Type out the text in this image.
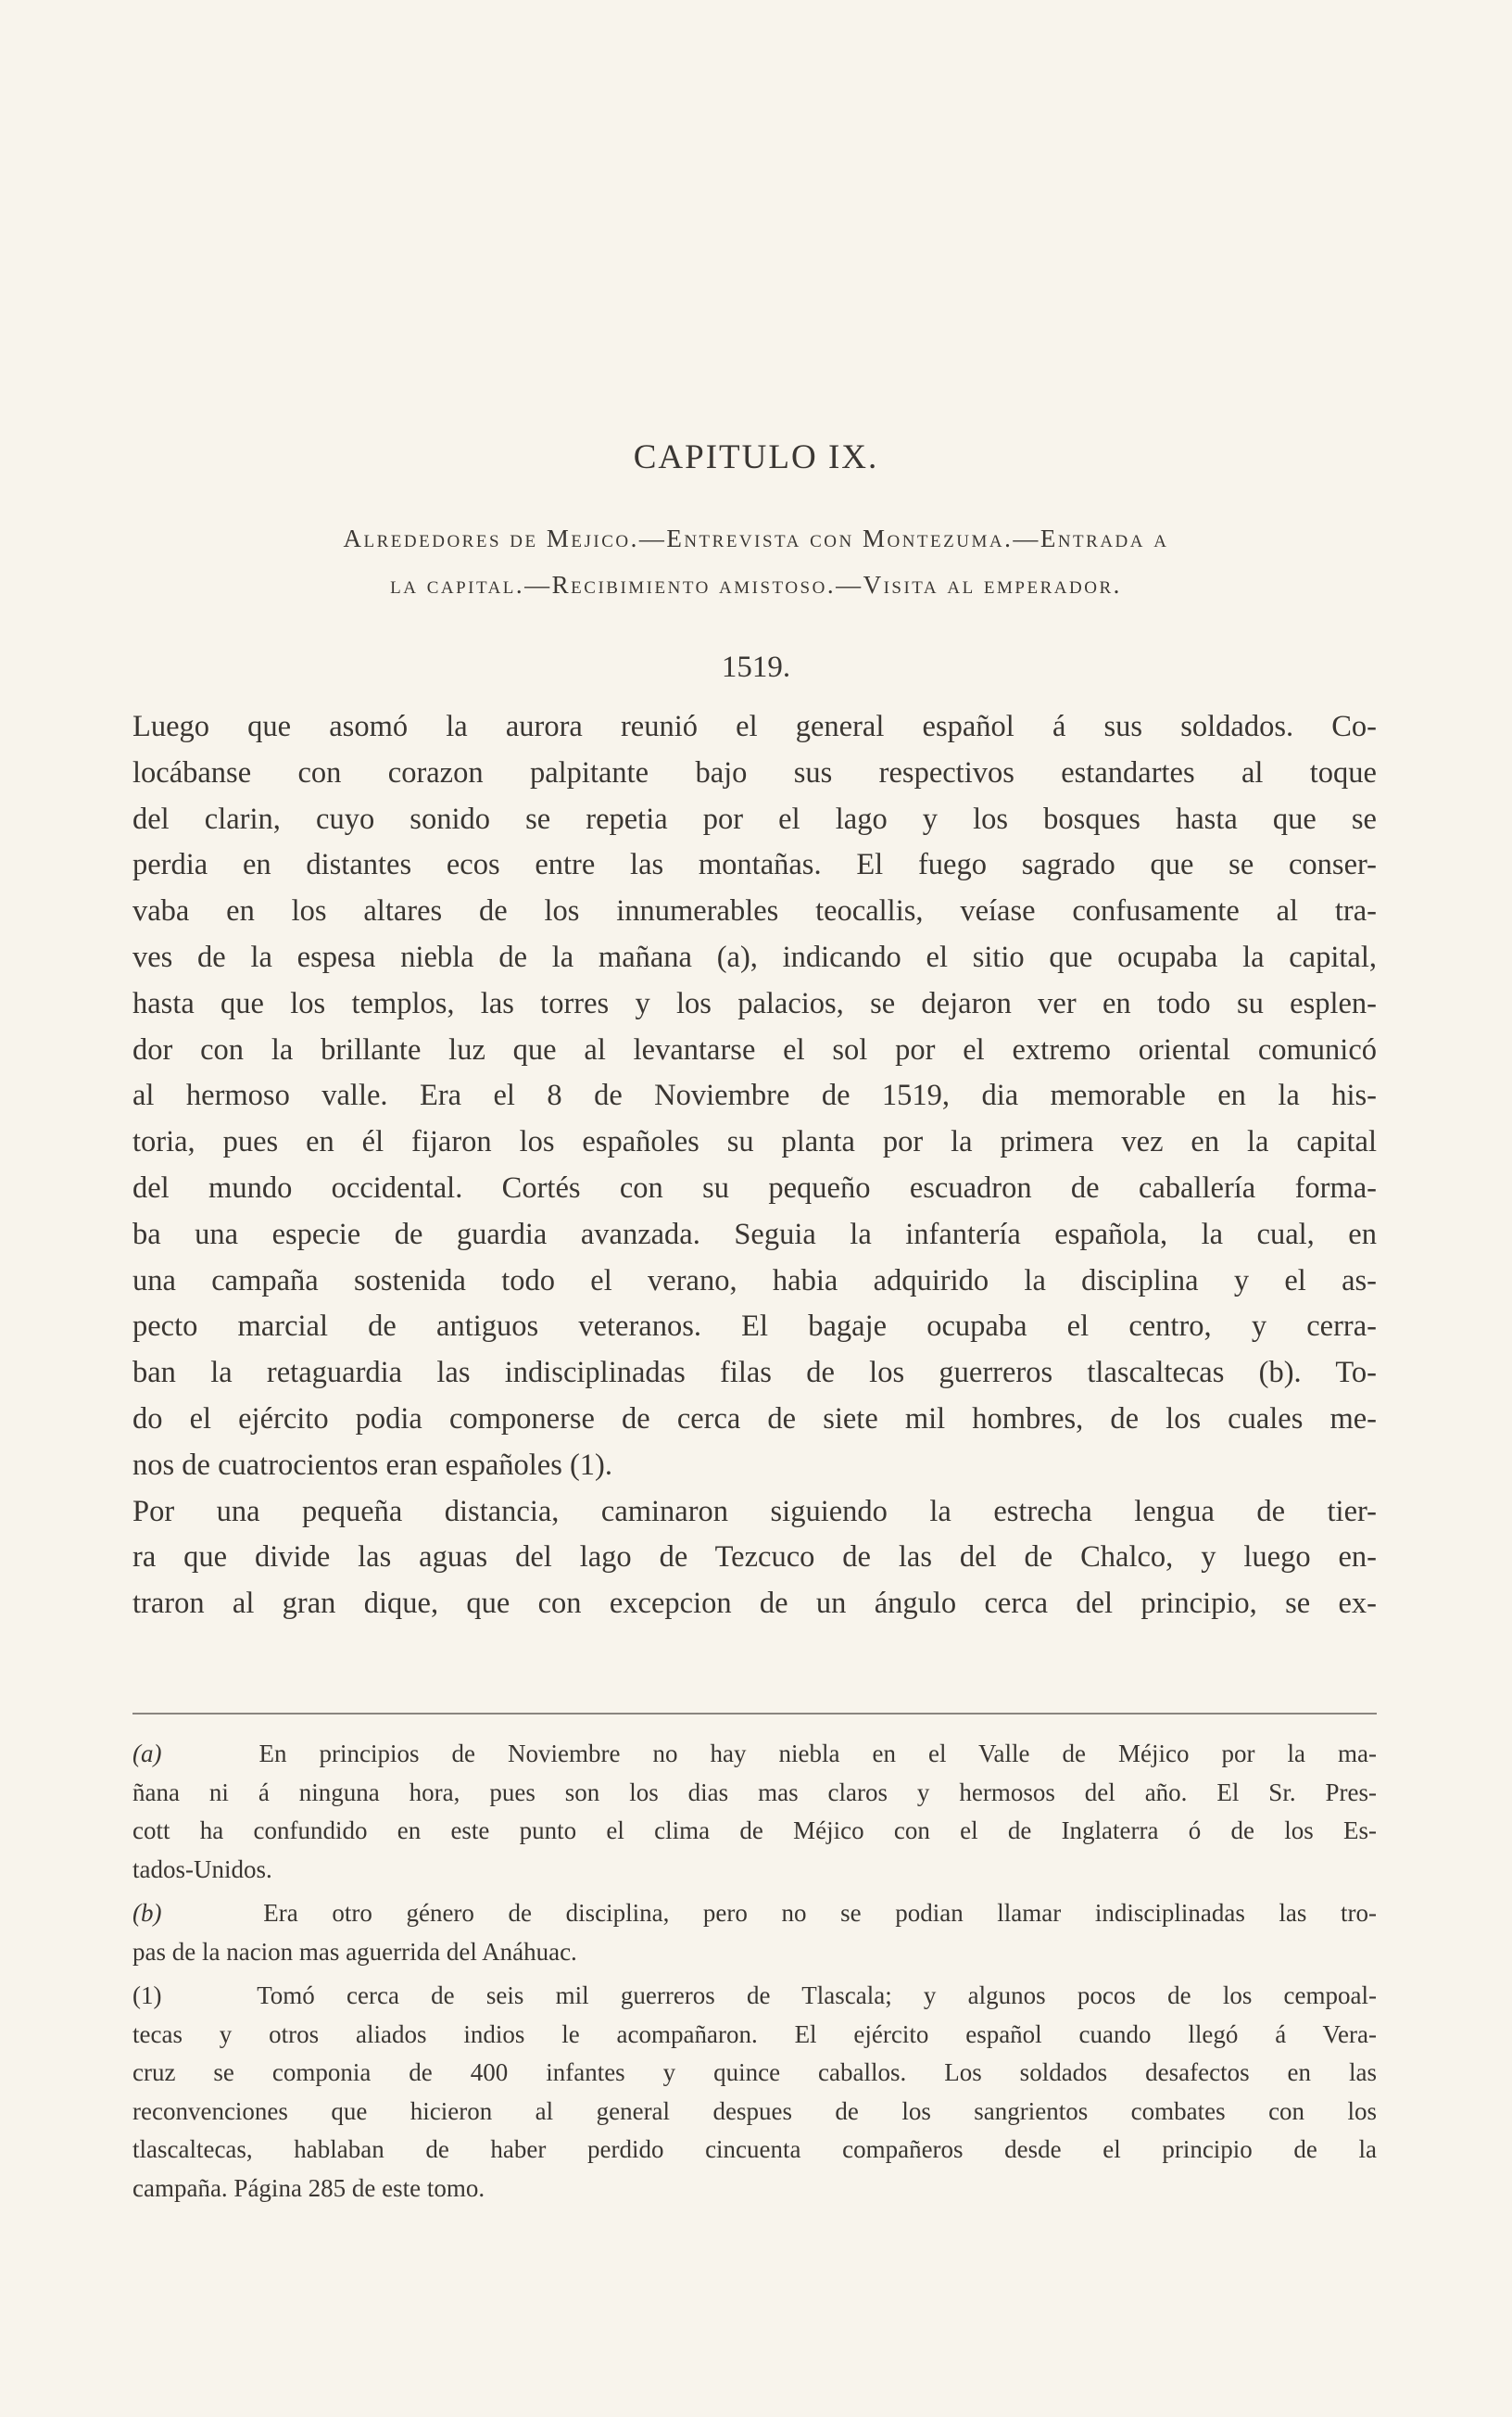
CAPITULO IX.
Alrededores de Mejico.—Entrevista con Montezuma.—Entrada a
la capital.—Recibimiento amistoso.—Visita al emperador.
1519.
Luego que asomó la aurora reunió el general español á sus soldados. Co-
locábanse con corazon palpitante bajo sus respectivos estandartes al toque
del clarin, cuyo sonido se repetia por el lago y los bosques hasta que se
perdia en distantes ecos entre las montañas. El fuego sagrado que se conser-
vaba en los altares de los innumerables teocallis, veíase confusamente al tra-
ves de la espesa niebla de la mañana (a), indicando el sitio que ocupaba la capital,
hasta que los templos, las torres y los palacios, se dejaron ver en todo su esplen-
dor con la brillante luz que al levantarse el sol por el extremo oriental comunicó
al hermoso valle. Era el 8 de Noviembre de 1519, dia memorable en la his-
toria, pues en él fijaron los españoles su planta por la primera vez en la capital
del mundo occidental. Cortés con su pequeño escuadron de caballería forma-
ba una especie de guardia avanzada. Seguia la infantería española, la cual, en
una campaña sostenida todo el verano, habia adquirido la disciplina y el as-
pecto marcial de antiguos veteranos. El bagaje ocupaba el centro, y cerra-
ban la retaguardia las indisciplinadas filas de los guerreros tlascaltecas (b). To-
do el ejército podia componerse de cerca de siete mil hombres, de los cuales me-
nos de cuatrocientos eran españoles (1).
Por una pequeña distancia, caminaron siguiendo la estrecha lengua de tier-
ra que divide las aguas del lago de Tezcuco de las del de Chalco, y luego en-
traron al gran dique, que con excepcion de un ángulo cerca del principio, se ex-
(a)	En principios de Noviembre no hay niebla en el Valle de Méjico por la ma-
ñana ni á ninguna hora, pues son los dias mas claros y hermosos del año. El Sr. Pres-
cott ha confundido en este punto el clima de Méjico con el de Inglaterra ó de los Es-
tados-Unidos.
(b)	Era otro género de disciplina, pero no se podian llamar indisciplinadas las tro-
pas de la nacion mas aguerrida del Anáhuac.
(1)	Tomó cerca de seis mil guerreros de Tlascala; y algunos pocos de los cempoal-
tecas y otros aliados indios le acompañaron. El ejército español cuando llegó á Vera-
cruz se componia de 400 infantes y quince caballos. Los soldados desafectos en las
reconvenciones que hicieron al general despues de los sangrientos combates con los
tlascaltecas, hablaban de haber perdido cincuenta compañeros desde el principio de la
campaña. Página 285 de este tomo.
